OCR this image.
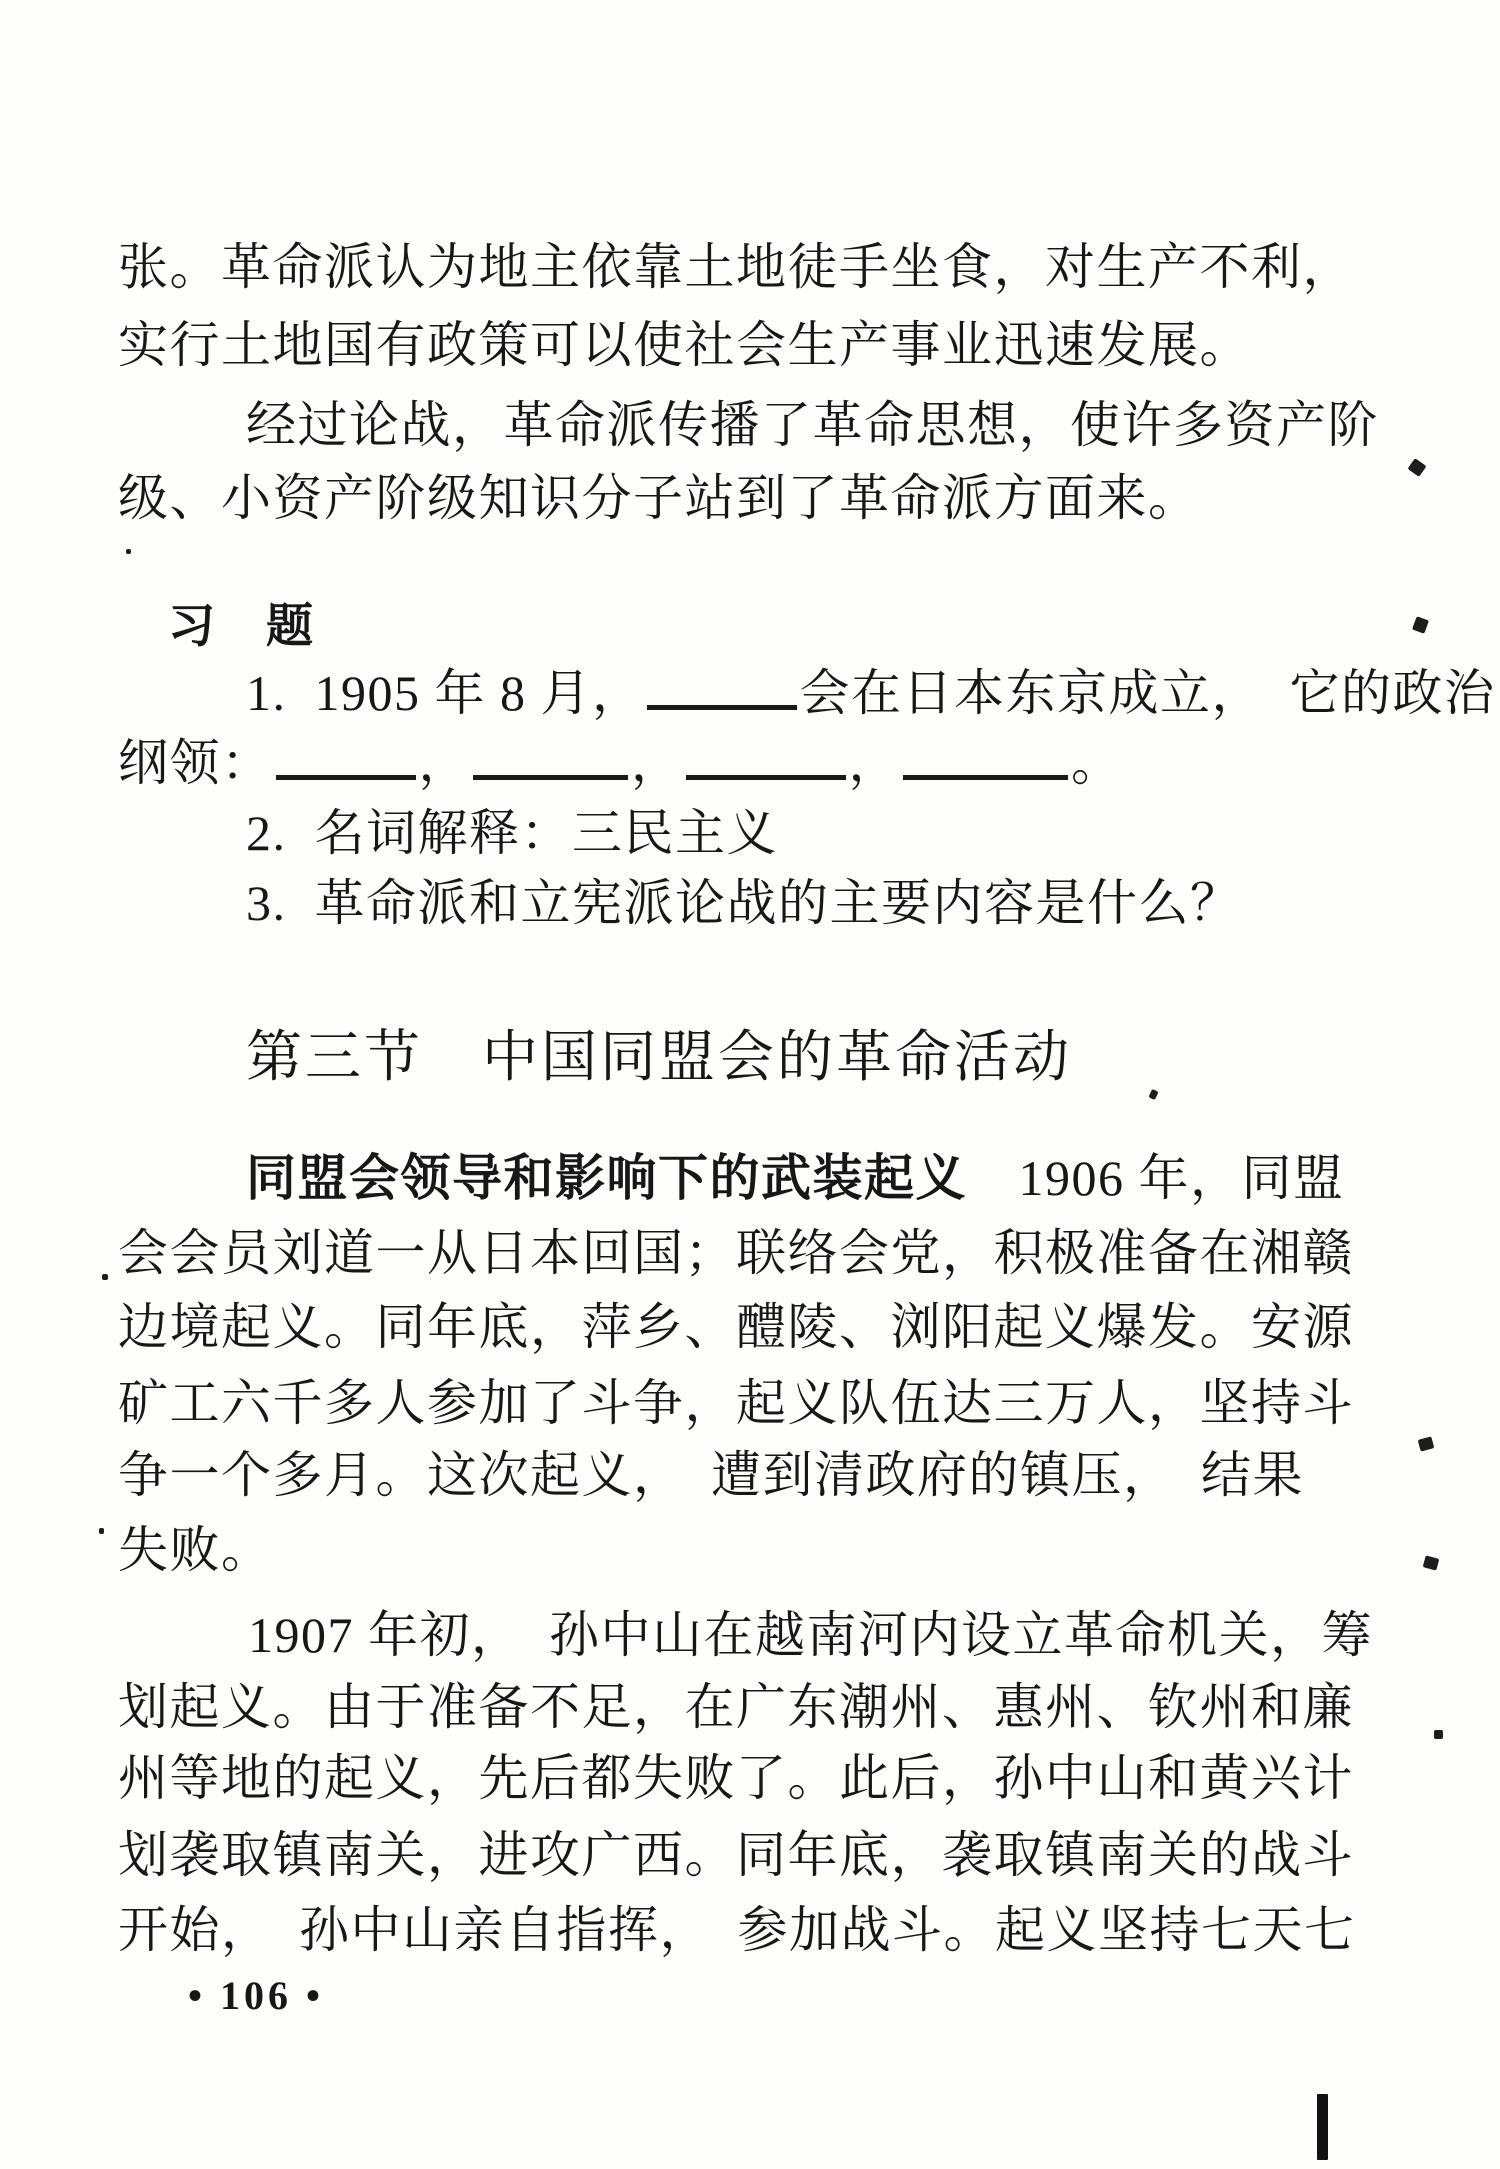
张。革命派认为地主依靠土地徒手坐食，对生产不利，
实行土地国有政策可以使社会生产事业迅速发展。
经过论战，革命派传播了革命思想，使许多资产阶
级、小资产阶级知识分子站到了革命派方面来。
习　题
1.  1905 年 8 月，	会在日本东京成立，　它的政治
纲领：	，	，	，	。
2.  名词解释：三民主义
3.  革命派和立宪派论战的主要内容是什么？
第三节　中国同盟会的革命活动
同盟会领导和影响下的武装起义　1906 年，同盟
会会员刘道一从日本回国；联络会党，积极准备在湘赣
边境起义。同年底，萍乡、醴陵、浏阳起义爆发。安源
矿工六千多人参加了斗争，起义队伍达三万人，坚持斗
争一个多月。这次起义，　遭到清政府的镇压，　结果
失败。
1907 年初，　孙中山在越南河内设立革命机关，筹
划起义。由于准备不足，在广东潮州、惠州、钦州和廉
州等地的起义，先后都失败了。此后，孙中山和黄兴计
划袭取镇南关，进攻广西。同年底，袭取镇南关的战斗
开始，　孙中山亲自指挥，　参加战斗。起义坚持七天七
• 106 •
